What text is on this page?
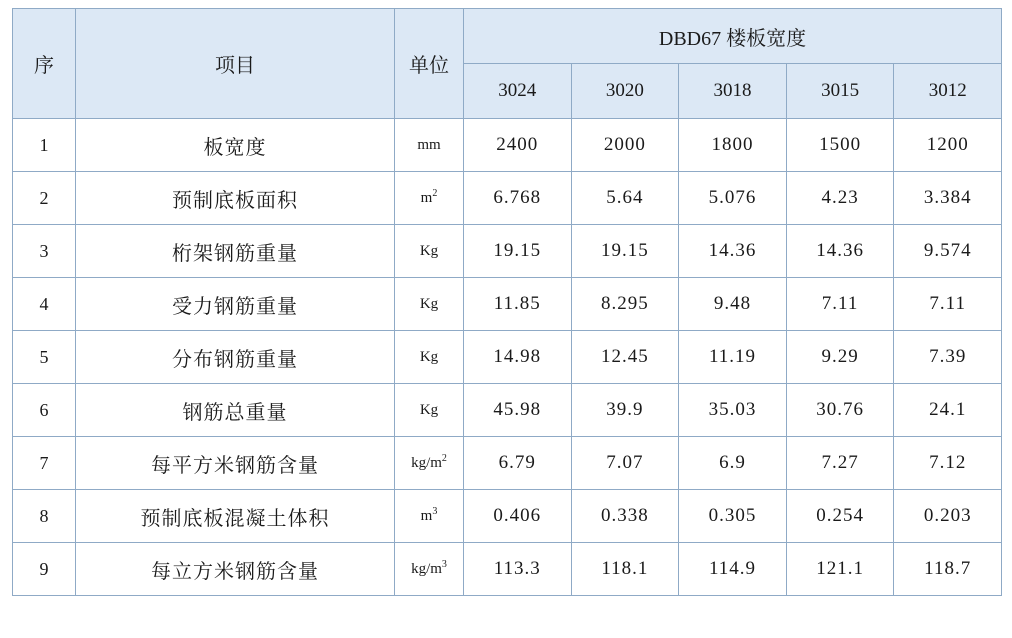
序	项目	单位	DBD67 楼板宽度				
			3024	3020	3018	3015	3012
1	板宽度	mm	2400	2000	1800	1500	1200
2	预制底板面积	$m^2$	6.768	5.64	5.076	4.23	3.384
3	桁架钢筋重量	Kg	19.15	19.15	14.36	14.36	9.574
4	受力钢筋重量	Kg	11.85	8.295	9.48	7.11	7.11
5	分布钢筋重量	Kg	14.98	12.45	11.19	9.29	7.39
6	钢筋总重量	Kg	45.98	39.9	35.03	30.76	24.1
7	每平方米钢筋含量	$kg/m^2$	6.79	7.07	6.9	7.27	7.12
8	预制底板混凝土体积	$m^3$	0.406	0.338	0.305	0.254	0.203
9	每立方米钢筋含量	$kg/m^3$	113.3	118.1	114.9	121.1	118.7
